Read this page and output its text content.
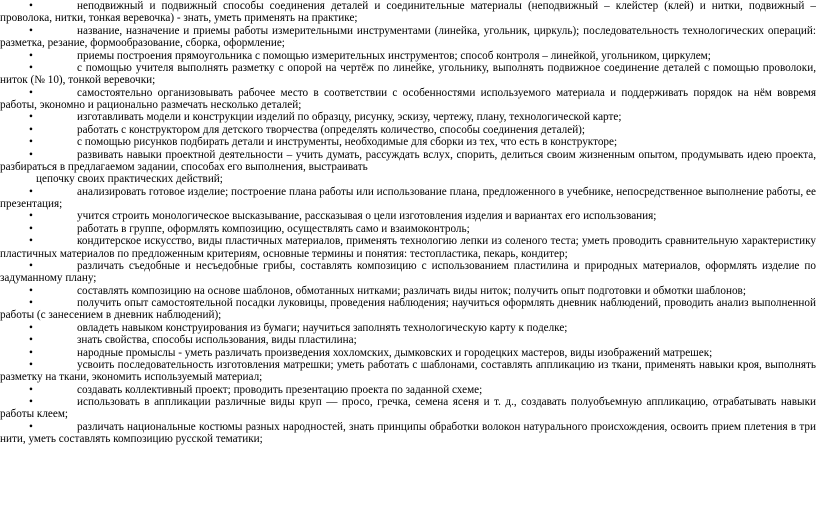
•	неподвижный и подвижный способы соединения деталей и соединительные материалы (неподвижный – клейстер (клей) и нитки, подвижный – проволока, нитки, тонкая веревочка) - знать, уметь применять на практике;

•	название, назначение и приемы работы измерительными инструментами (линейка, угольник, циркуль); последовательность технологических операций: разметка, резание, формообразование, сборка, оформление;

•	приемы построения прямоугольника с помощью измерительных инструментов; способ контроля – линейкой, угольником, циркулем;

•	с помощью учителя выполнять разметку с опорой на чертёж по линейке, угольнику, выполнять подвижное соединение деталей с помощью проволоки, ниток (№ 10), тонкой веревочки;

•	самостоятельно организовывать рабочее место в соответствии с особенностями используемого материала и поддерживать порядок на нём вовремя работы, экономно и рационально размечать несколько деталей;

•	изготавливать модели и конструкции изделий по образцу, рисунку, эскизу, чертежу, плану, технологической карте;

•	работать с конструктором для детского творчества (определять количество, способы соединения деталей);

•	с помощью рисунков подбирать детали и инструменты, необходимые для сборки из тех, что есть в конструкторе;

•	развивать навыки проектной деятельности – учить думать, рассуждать вслух, спорить, делиться своим жизненным опытом, продумывать идею проекта, разбираться в предлагаемом задании, способах его выполнения, выстраивать

цепочку своих практических действий;

•	анализировать готовое изделие; построение плана работы или использование плана, предложенного в учебнике, непосредственное выполнение работы, ее презентация;

•	учится строить монологическое высказывание, рассказывая о цели изготовления изделия и вариантах его использования;

•	работать в группе, оформлять композицию, осуществлять само и взаимоконтроль;

•	кондитерское искусство, виды пластичных материалов, применять технологию лепки из соленого теста; уметь проводить сравнительную характеристику пластичных материалов по предложенным критериям, основные термины и понятия: тестопластика, пекарь, кондитер;

•	различать съедобные и несъедобные грибы, составлять композицию с использованием пластилина и природных материалов, оформлять изделие по задуманному плану;

•	составлять композицию на основе шаблонов, обмотанных нитками; различать виды ниток; получить опыт подготовки и обмотки шаблонов;

•	получить опыт самостоятельной посадки луковицы, проведения наблюдения; научиться оформлять дневник наблюдений, проводить анализ выполненной работы (с занесением в дневник наблюдений);

•	овладеть навыком конструирования из бумаги; научиться заполнять технологическую карту к поделке;

•	знать свойства, способы использования, виды пластилина;

•	народные промыслы - уметь различать произведения хохломских, дымковских и городецких мастеров, виды изображений матрешек;

•	усвоить последовательность изготовления матрешки; уметь работать с шаблонами, составлять аппликацию из ткани, применять навыки кроя, выполнять разметку на ткани, экономить используемый материал;

•	создавать коллективный проект; проводить презентацию проекта по заданной схеме;

•	использовать в аппликации различные виды круп — просо, гречка, семена ясеня и т. д., создавать полуобъемную аппликацию, отрабатывать навыки работы клеем;

•	различать национальные костюмы разных народностей, знать принципы обработки волокон натурального происхождения, освоить прием плетения в три нити, уметь составлять композицию русской тематики;
